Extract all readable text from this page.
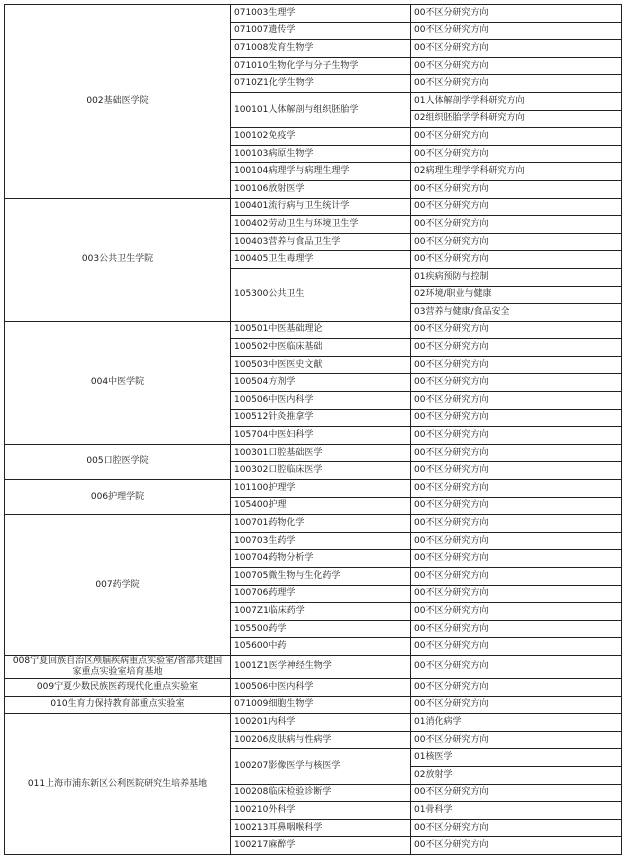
002基础医学院	071003生理学	00不区分研究方向
	071007遗传学	00不区分研究方向
	071008发育生物学	00不区分研究方向
	071010生物化学与分子生物学	00不区分研究方向
	0710Z1化学生物学	00不区分研究方向
	100101人体解剖与组织胚胎学	01人体解剖学学科研究方向
		02组织胚胎学学科研究方向
	100102免疫学	00不区分研究方向
	100103病原生物学	00不区分研究方向
	100104病理学与病理生理学	02病理生理学学科研究方向
	100106放射医学	00不区分研究方向
003公共卫生学院	100401流行病与卫生统计学	00不区分研究方向
	100402劳动卫生与环境卫生学	00不区分研究方向
	100403营养与食品卫生学	00不区分研究方向
	100405卫生毒理学	00不区分研究方向
	105300公共卫生	01疾病预防与控制
		02环境/职业与健康
		03营养与健康/食品安全
004中医学院	100501中医基础理论	00不区分研究方向
	100502中医临床基础	00不区分研究方向
	100503中医医史文献	00不区分研究方向
	100504方剂学	00不区分研究方向
	100506中医内科学	00不区分研究方向
	100512针灸推拿学	00不区分研究方向
	105704中医妇科学	00不区分研究方向
005口腔医学院	100301口腔基础医学	00不区分研究方向
	100302口腔临床医学	00不区分研究方向
006护理学院	101100护理学	00不区分研究方向
	105400护理	00不区分研究方向
007药学院	100701药物化学	00不区分研究方向
	100703生药学	00不区分研究方向
	100704药物分析学	00不区分研究方向
	100705微生物与生化药学	00不区分研究方向
	100706药理学	00不区分研究方向
	1007Z1临床药学	00不区分研究方向
	105500药学	00不区分研究方向
	105600中药	00不区分研究方向
008宁夏回族自治区颅脑疾病重点实验室/省部共建国家重点实验室培育基地	1001Z1医学神经生物学	00不区分研究方向
009宁夏少数民族医药现代化重点实验室	100506中医内科学	00不区分研究方向
010生育力保持教育部重点实验室	071009细胞生物学	00不区分研究方向
011上海市浦东新区公利医院研究生培养基地	100201内科学	01消化病学
	100206皮肤病与性病学	00不区分研究方向
	100207影像医学与核医学	01核医学
		02放射学
	100208临床检验诊断学	00不区分研究方向
	100210外科学	01骨科学
	100213耳鼻咽喉科学	00不区分研究方向
	100217麻醉学	00不区分研究方向
